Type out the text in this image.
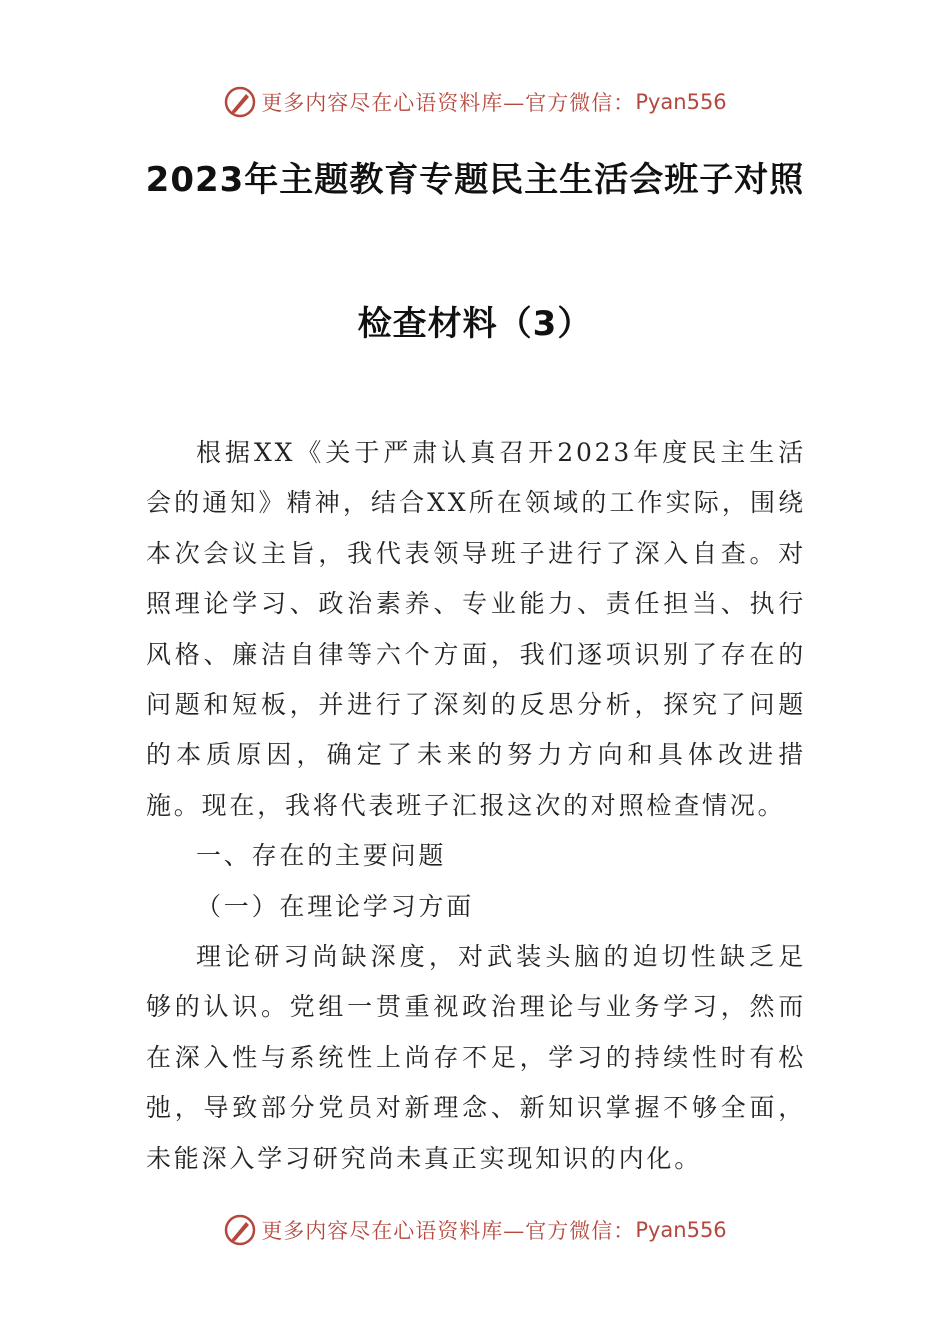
更多内容尽在心语资料库—官方微信： Pyan556
2023年主题教育专题民主生活会班子对照
检查材料（3）

根据XX《关于严肃认真召开2023年度民主生活会的通知》精神，结合XX所在领域的工作实际，围绕本次会议主旨，我代表领导班子进行了深入自查。对照理论学习、政治素养、专业能力、责任担当、执行风格、廉洁自律等六个方面，我们逐项识别了存在的问题和短板，并进行了深刻的反思分析，探究了问题的本质原因，确定了未来的努力方向和具体改进措施。现在，我将代表班子汇报这次的对照检查情况。

一、存在的主要问题

（一）在理论学习方面

理论研习尚缺深度，对武装头脑的迫切性缺乏足够的认识。党组一贯重视政治理论与业务学习，然而在深入性与系统性上尚存不足，学习的持续性时有松弛，导致部分党员对新理念、新知识掌握不够全面，未能深入学习研究尚未真正实现知识的内化。

更多内容尽在心语资料库—官方微信： Pyan556
